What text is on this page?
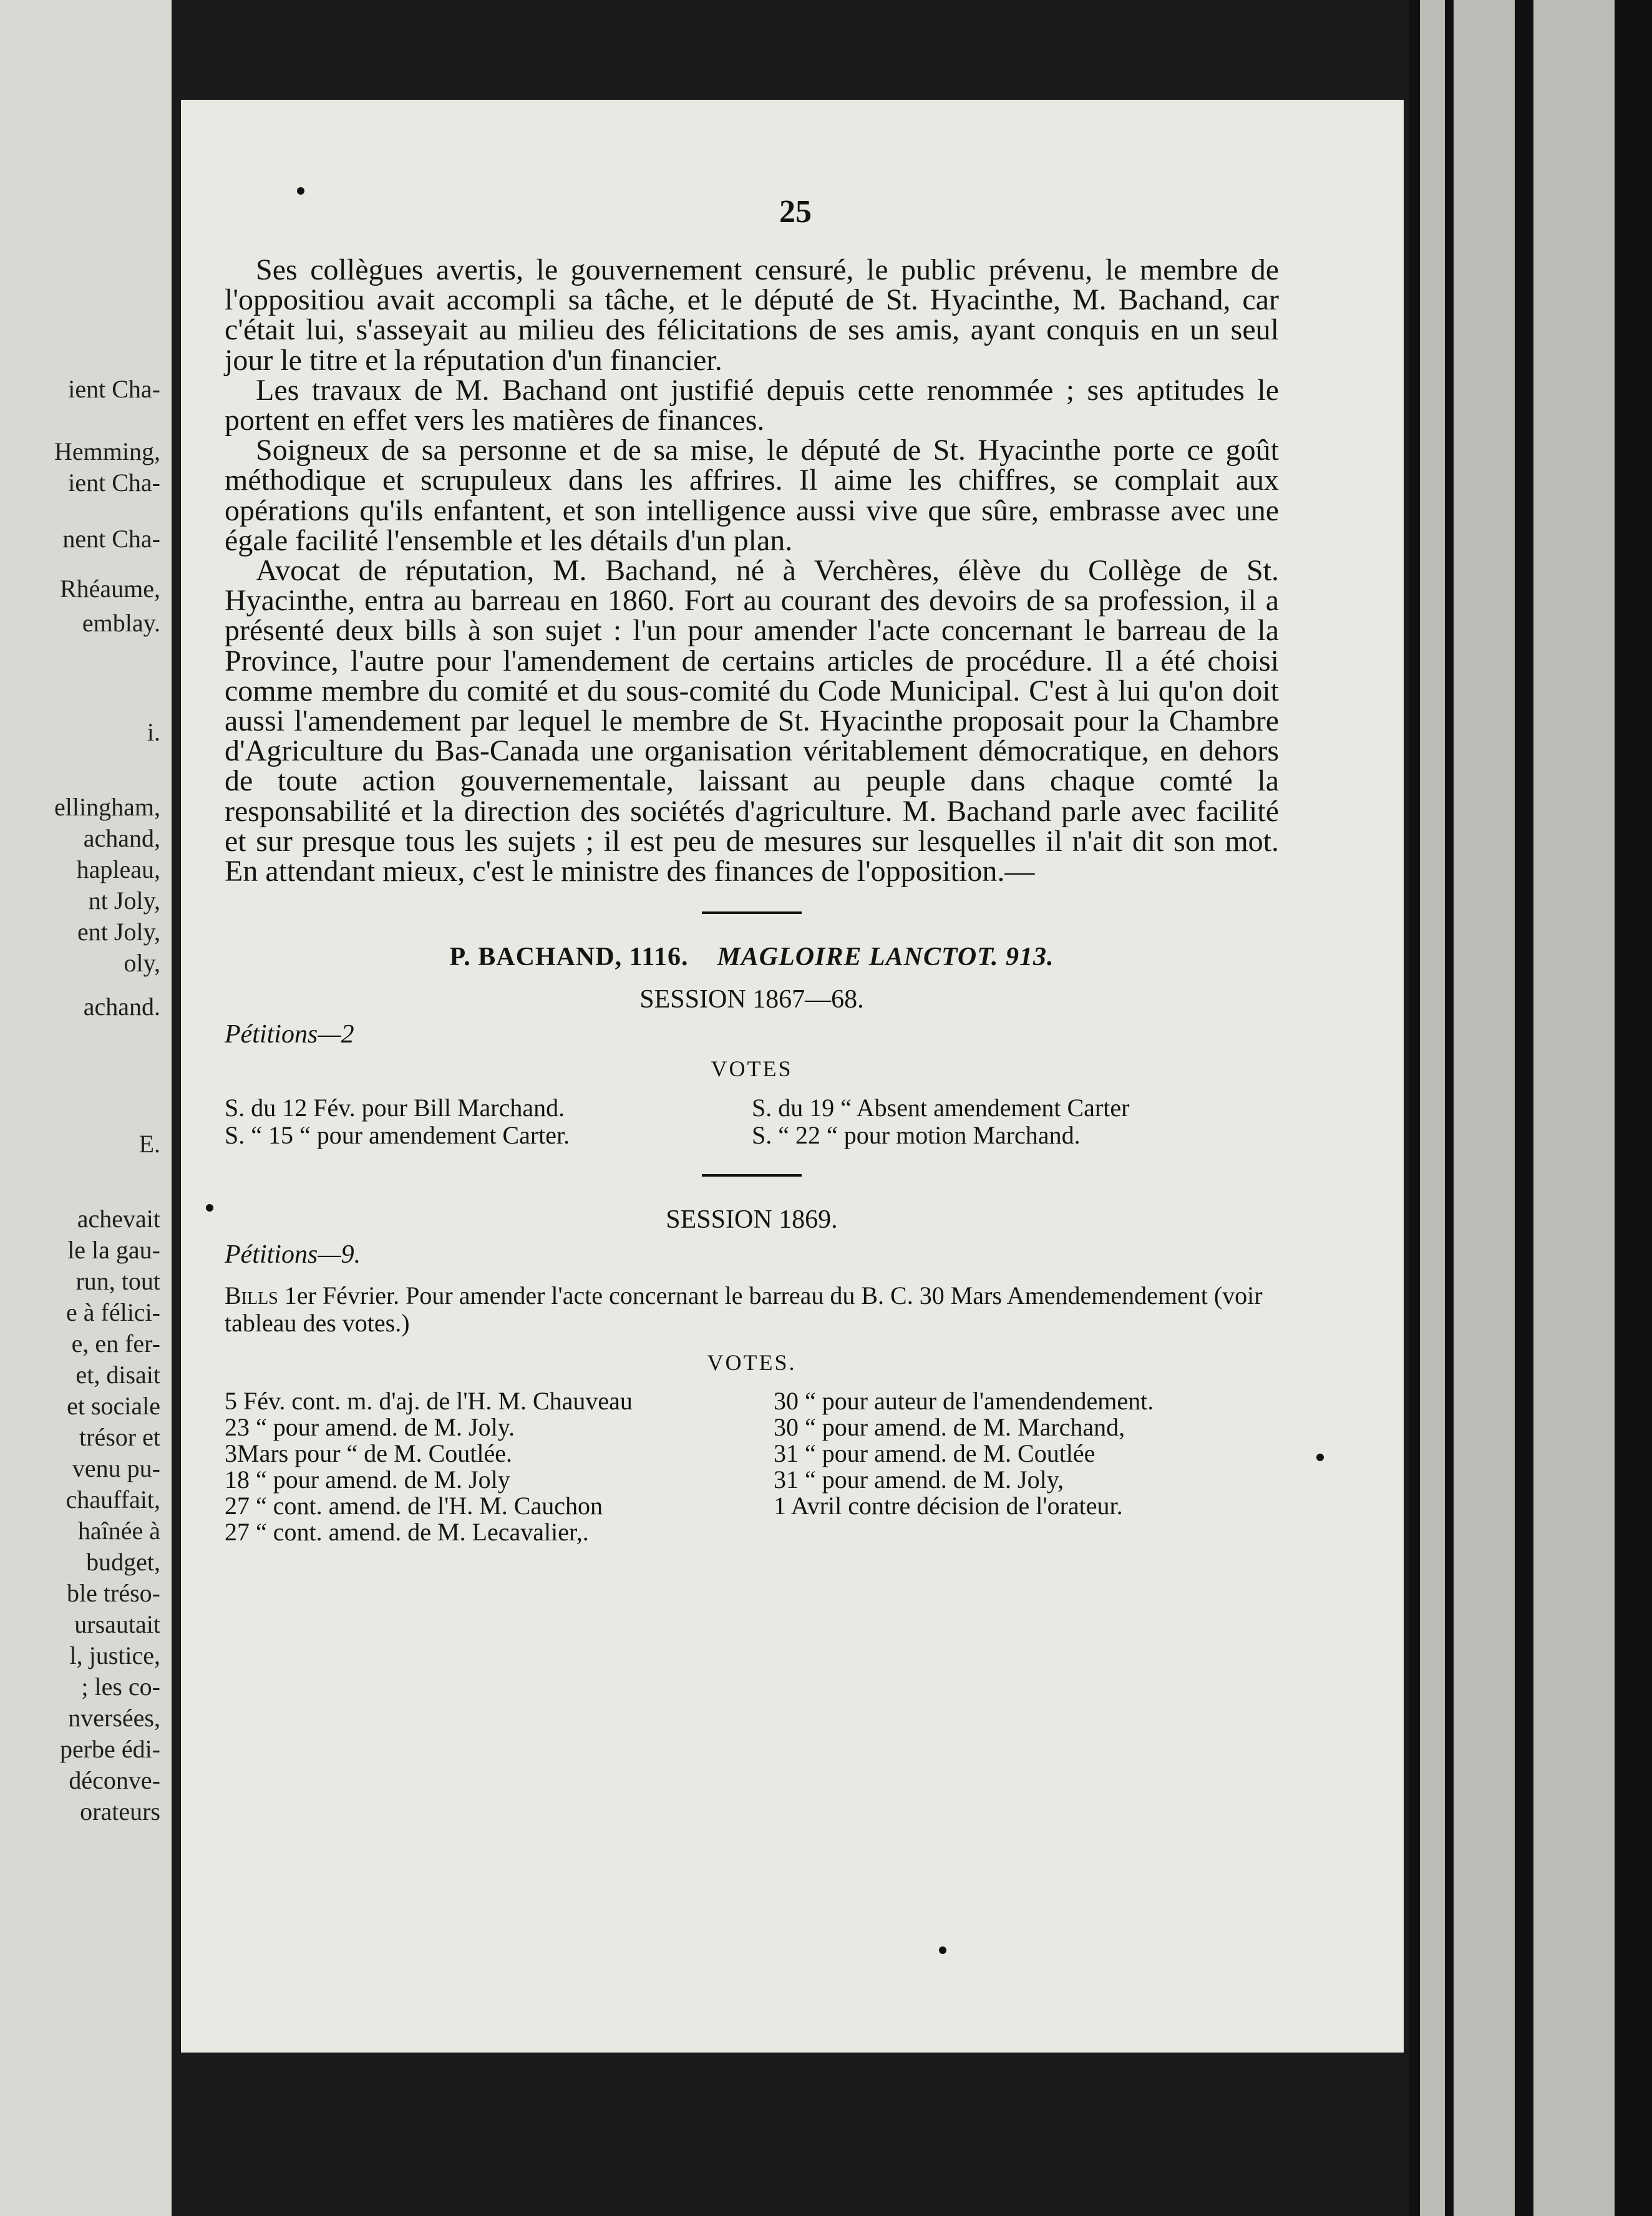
ient Cha-
Hemming,
ient Cha-
nent Cha-
Rhéaume,
emblay.
i.
ellingham,
achand,
hapleau,
nt Joly,
ent Joly,
oly,
achand.
E.
achevait
le la gau-
run, tout
e à félici-
e, en fer-
et, disait
et sociale
trésor et
venu pu-
chauffait,
haînée à
budget,
ble tréso-
ursautait
l, justice,
; les co-
nversées,
perbe édi-
déconve-
orateurs
25

Ses collègues avertis, le gouvernement censuré, le public prévenu, le membre de l'oppositiou avait accompli sa tâche, et le député de St. Hyacinthe, M. Bachand, car c'était lui, s'asseyait au milieu des félicitations de ses amis, ayant conquis en un seul jour le titre et la réputation d'un financier.

Les travaux de M. Bachand ont justifié depuis cette renommée ; ses aptitudes le portent en effet vers les matières de finances.

Soigneux de sa personne et de sa mise, le député de St. Hyacinthe porte ce goût méthodique et scrupuleux dans les affrires. Il aime les chiffres, se complait aux opérations qu'ils enfantent, et son intelligence aussi vive que sûre, embrasse avec une égale facilité l'ensemble et les détails d'un plan.

Avocat de réputation, M. Bachand, né à Verchères, élève du Collège de St. Hyacinthe, entra au barreau en 1860. Fort au courant des devoirs de sa profession, il a présenté deux bills à son sujet : l'un pour amender l'acte concernant le barreau de la Province, l'autre pour l'amendement de certains articles de procédure. Il a été choisi comme membre du comité et du sous-comité du Code Municipal. C'est à lui qu'on doit aussi l'amendement par lequel le membre de St. Hyacinthe proposait pour la Chambre d'Agriculture du Bas-Canada une organisation véritablement démocratique, en dehors de toute action gouvernementale, laissant au peuple dans chaque comté la responsabilité et la direction des sociétés d'agriculture. M. Bachand parle avec facilité et sur presque tous les sujets ; il est peu de mesures sur lesquelles il n'ait dit son mot. En attendant mieux, c'est le ministre des finances de l'opposition.—

P. BACHAND, 1116. MAGLOIRE LANCTOT. 913.
SESSION 1867—68.
Pétitions—2
VOTES
S. du 12 Fév. pour Bill Marchand.	S. du 19 “ Absent amendement Carter
S. “ 15 “ pour amendement Carter.	S. “ 22 “ pour motion Marchand.
SESSION 1869.
Pétitions—9.
Bills 1er Février. Pour amender l'acte concernant le barreau du B. C. 30 Mars Amendemendement (voir tableau des votes.)
VOTES.
5 Fév. cont. m. d'aj. de l'H. M. Chauveau	30 “ pour auteur de l'amendendement.
23 “ pour amend. de M. Joly.	30 “ pour amend. de M. Marchand,
3Mars pour “ de M. Coutlée.	31 “ pour amend. de M. Coutlée
18 “ pour amend. de M. Joly	31 “ pour amend. de M. Joly,
27 “ cont. amend. de l'H. M. Cauchon	1 Avril contre décision de l'orateur.
27 “ cont. amend. de M. Lecavalier,.
